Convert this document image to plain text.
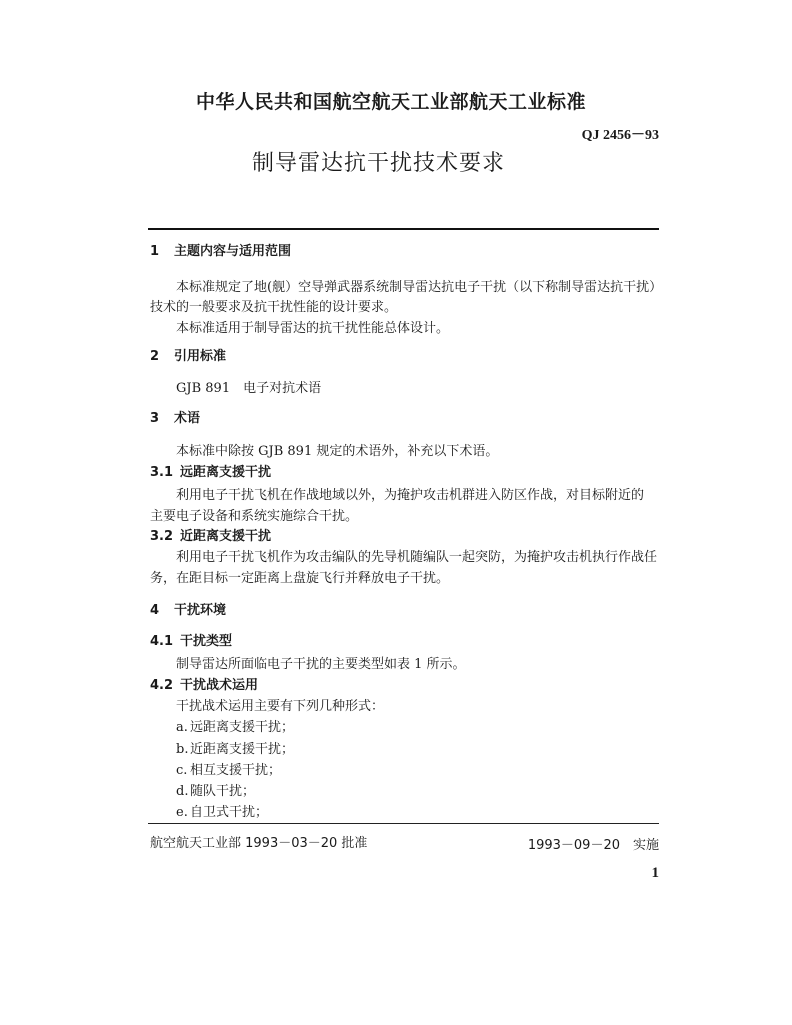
中华人民共和国航空航天工业部航天工业标准
QJ 2456－93
制导雷达抗干扰技术要求
1 主题内容与适用范围
本标准规定了地(舰）空导弹武器系统制导雷达抗电子干扰（以下称制导雷达抗干扰）
技术的一般要求及抗干扰性能的设计要求。
本标准适用于制导雷达的抗干扰性能总体设计。
2 引用标准
GJB 891　电子对抗术语
3 术语
本标准中除按 GJB 891 规定的术语外，补充以下术语。
3.1 远距离支援干扰
利用电子干扰飞机在作战地域以外，为掩护攻击机群进入防区作战，对目标附近的
主要电子设备和系统实施综合干扰。
3.2 近距离支援干扰
利用电子干扰飞机作为攻击编队的先导机随编队一起突防，为掩护攻击机执行作战任
务，在距目标一定距离上盘旋飞行并释放电子干扰。
4 干扰环境
4.1 干扰类型
制导雷达所面临电子干扰的主要类型如表 1 所示。
4.2 干扰战术运用
干扰战术运用主要有下列几种形式：
a. 远距离支援干扰；
b. 近距离支援干扰；
c. 相互支援干扰；
d. 随队干扰；
e. 自卫式干扰；
航空航天工业部 1993－03－20 批准	1993－09－20　实施
1
